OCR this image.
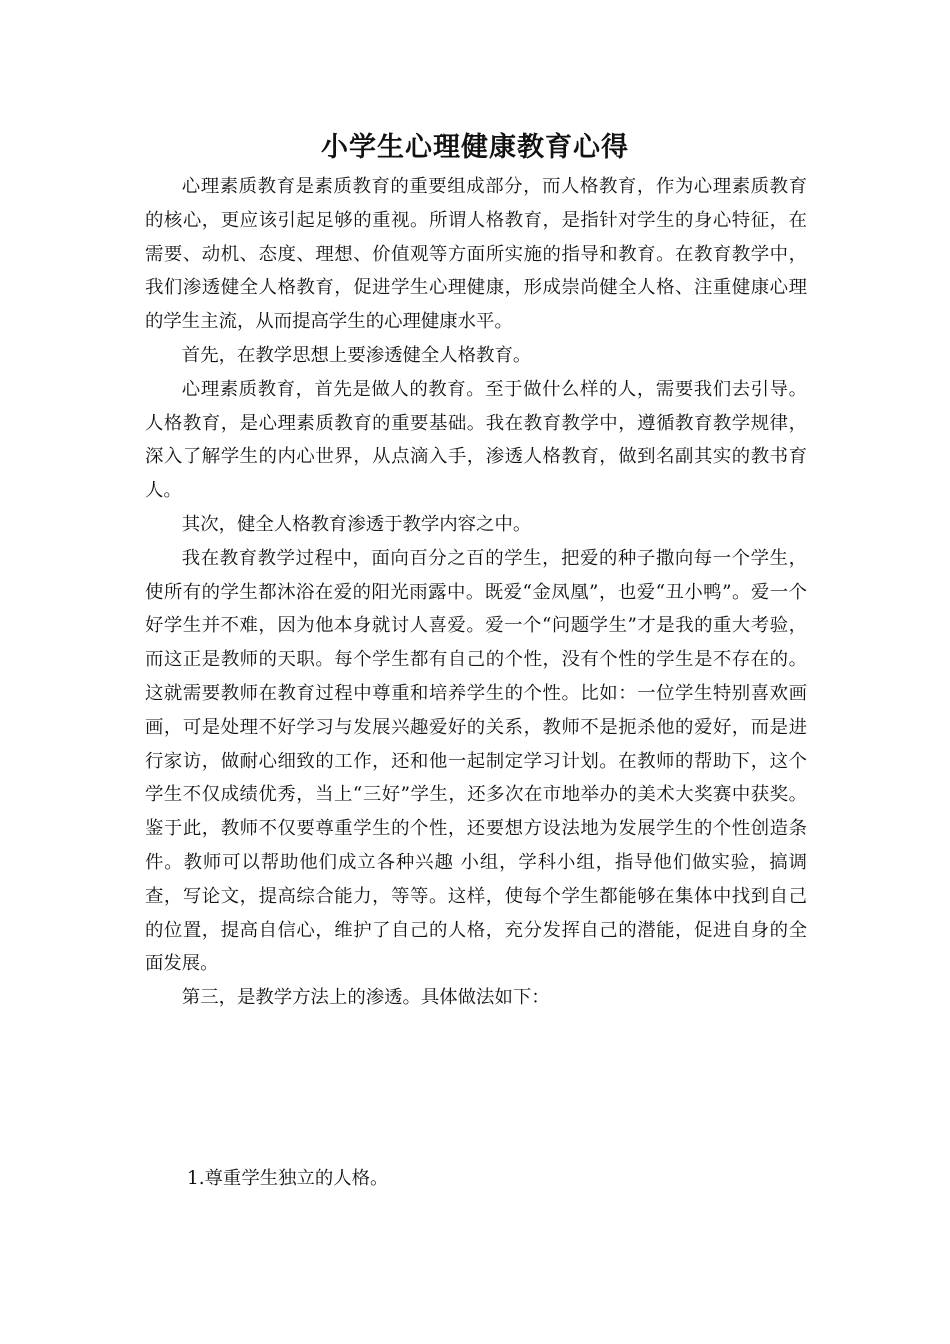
小学生心理健康教育心得

心理素质教育是素质教育的重要组成部分，而人格教育，作为心理素质教育的核心，更应该引起足够的重视。所谓人格教育，是指针对学生的身心特征，在需要、动机、态度、理想、价值观等方面所实施的指导和教育。在教育教学中，我们渗透健全人格教育，促进学生心理健康，形成崇尚健全人格、注重健康心理的学生主流，从而提高学生的心理健康水平。

首先，在教学思想上要渗透健全人格教育。

心理素质教育，首先是做人的教育。至于做什么样的人，需要我们去引导。人格教育，是心理素质教育的重要基础。我在教育教学中，遵循教育教学规律，深入了解学生的内心世界，从点滴入手，渗透人格教育，做到名副其实的教书育人。

其次，健全人格教育渗透于教学内容之中。

我在教育教学过程中，面向百分之百的学生，把爱的种子撒向每一个学生，使所有的学生都沐浴在爱的阳光雨露中。既爱“金凤凰”，也爱“丑小鸭”。爱一个好学生并不难，因为他本身就讨人喜爱。爱一个“问题学生”才是我的重大考验，而这正是教师的天职。每个学生都有自己的个性，没有个性的学生是不存在的。这就需要教师在教育过程中尊重和培养学生的个性。比如：一位学生特别喜欢画画，可是处理不好学习与发展兴趣爱好的关系，教师不是扼杀他的爱好，而是进行家访，做耐心细致的工作，还和他一起制定学习计划。在教师的帮助下，这个学生不仅成绩优秀，当上“三好”学生，还多次在市地举办的美术大奖赛中获奖。鉴于此，教师不仅要尊重学生的个性，还要想方设法地为发展学生的个性创造条件。教师可以帮助他们成立各种兴趣 小组，学科小组，指导他们做实验，搞调查，写论文，提高综合能力，等等。这样，使每个学生都能够在集体中找到自己的位置，提高自信心，维护了自己的人格，充分发挥自己的潜能，促进自身的全面发展。

第三，是教学方法上的渗透。具体做法如下：

1.尊重学生独立的人格。
